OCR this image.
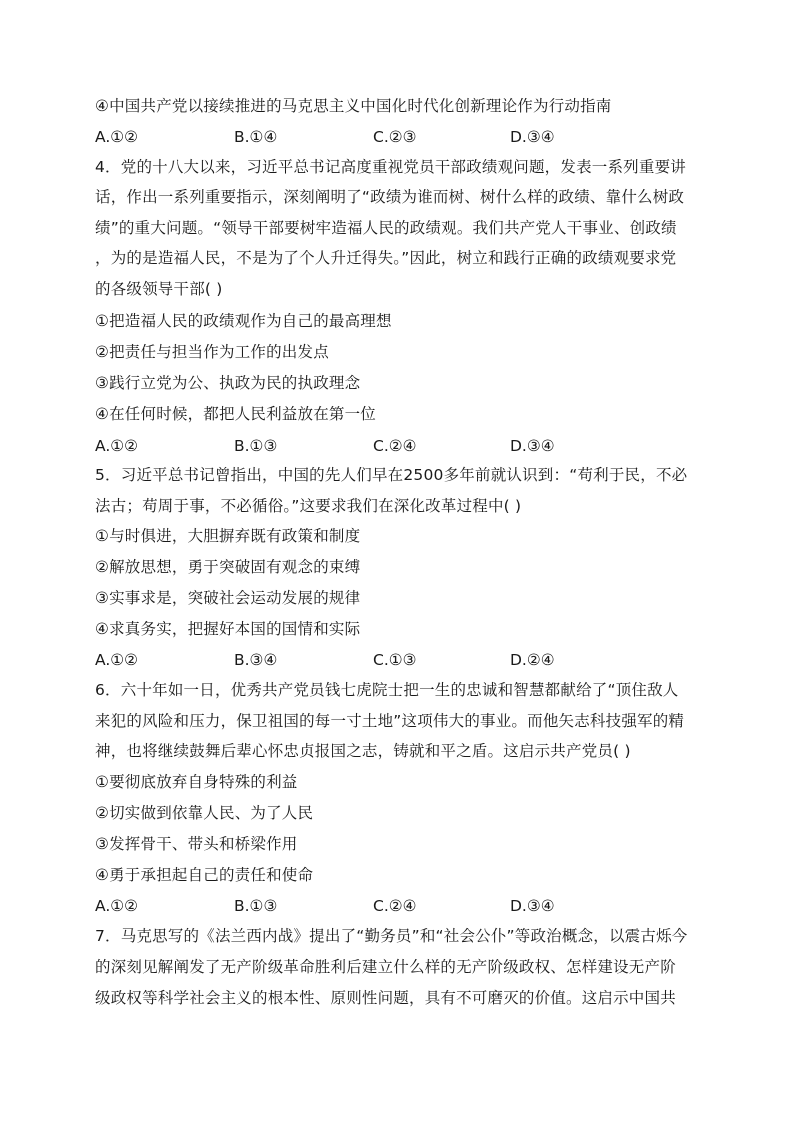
④中国共产党以接续推进的马克思主义中国化时代化创新理论作为行动指南
A.①②	B.①④	C.②③	D.③④
4．党的十八大以来，习近平总书记高度重视党员干部政绩观问题，发表一系列重要讲
话，作出一系列重要指示，深刻阐明了“政绩为谁而树、树什么样的政绩、靠什么树政
绩”的重大问题。“领导干部要树牢造福人民的政绩观。我们共产党人干事业、创政绩
，为的是造福人民，不是为了个人升迁得失。”因此，树立和践行正确的政绩观要求党
的各级领导干部( )
①把造福人民的政绩观作为自己的最高理想
②把责任与担当作为工作的出发点
③践行立党为公、执政为民的执政理念
④在任何时候，都把人民利益放在第一位
A.①②	B.①③	C.②④	D.③④
5．习近平总书记曾指出，中国的先人们早在2500多年前就认识到：“苟利于民，不必
法古；苟周于事，不必循俗。”这要求我们在深化改革过程中( )
①与时俱进，大胆摒弃既有政策和制度
②解放思想，勇于突破固有观念的束缚
③实事求是，突破社会运动发展的规律
④求真务实，把握好本国的国情和实际
A.①②	B.③④	C.①③	D.②④
6．六十年如一日，优秀共产党员钱七虎院士把一生的忠诚和智慧都献给了“顶住敌人
来犯的风险和压力，保卫祖国的每一寸土地”这项伟大的事业。而他矢志科技强军的精
神，也将继续鼓舞后辈心怀忠贞报国之志，铸就和平之盾。这启示共产党员( )
①要彻底放弃自身特殊的利益
②切实做到依靠人民、为了人民
③发挥骨干、带头和桥梁作用
④勇于承担起自己的责任和使命
A.①②	B.①③	C.②④	D.③④
7．马克思写的《法兰西内战》提出了“勤务员”和“社会公仆”等政治概念，以震古烁今
的深刻见解阐发了无产阶级革命胜利后建立什么样的无产阶级政权、怎样建设无产阶
级政权等科学社会主义的根本性、原则性问题，具有不可磨灭的价值。这启示中国共
